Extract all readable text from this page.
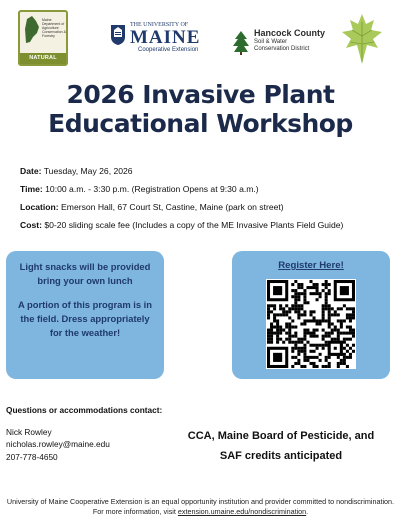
Maine Department of Agriculture Conservation & Forestry
NATURAL AREAS
THE UNIVERSITY OF
MAINE
Cooperative Extension
Hancock County
Soil & Water
Conservation District
2026 Invasive Plant
Educational Workshop
Date: Tuesday, May 26, 2026
Time: 10:00 a.m. - 3:30 p.m. (Registration Opens at 9:30 a.m.)
Location: Emerson Hall, 67 Court St, Castine, Maine (park on street)
Cost: $0-20 sliding scale fee (Includes a copy of the ME Invasive Plants Field Guide)

Light snacks will be provided bring your own lunch

A portion of this program is in the field. Dress appropriately for the weather!

Register Here!
Questions or accommodations contact:
Nick Rowley
nicholas.rowley@maine.edu
207-778-4650
CCA, Maine Board of Pesticide, and
SAF credits anticipated
University of Maine Cooperative Extension is an equal opportunity institution and provider committed to nondiscrimination. For more information, visit extension.umaine.edu/nondiscrimination.
